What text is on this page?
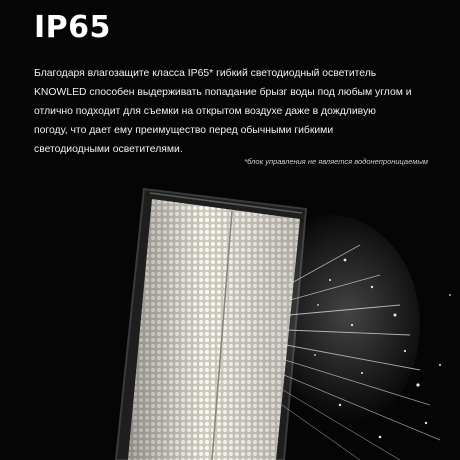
IP65
Благодаря влагозащите класса IP65* гибкий светодиодный осветитель
KNOWLED способен выдерживать попадание брызг воды под любым углом и
отлично подходит для съемки на открытом воздухе даже в дождливую
погоду, что дает ему преимущество перед обычными гибкими
светодиодными осветителями.

*блок управления не является водонепроницаемым
